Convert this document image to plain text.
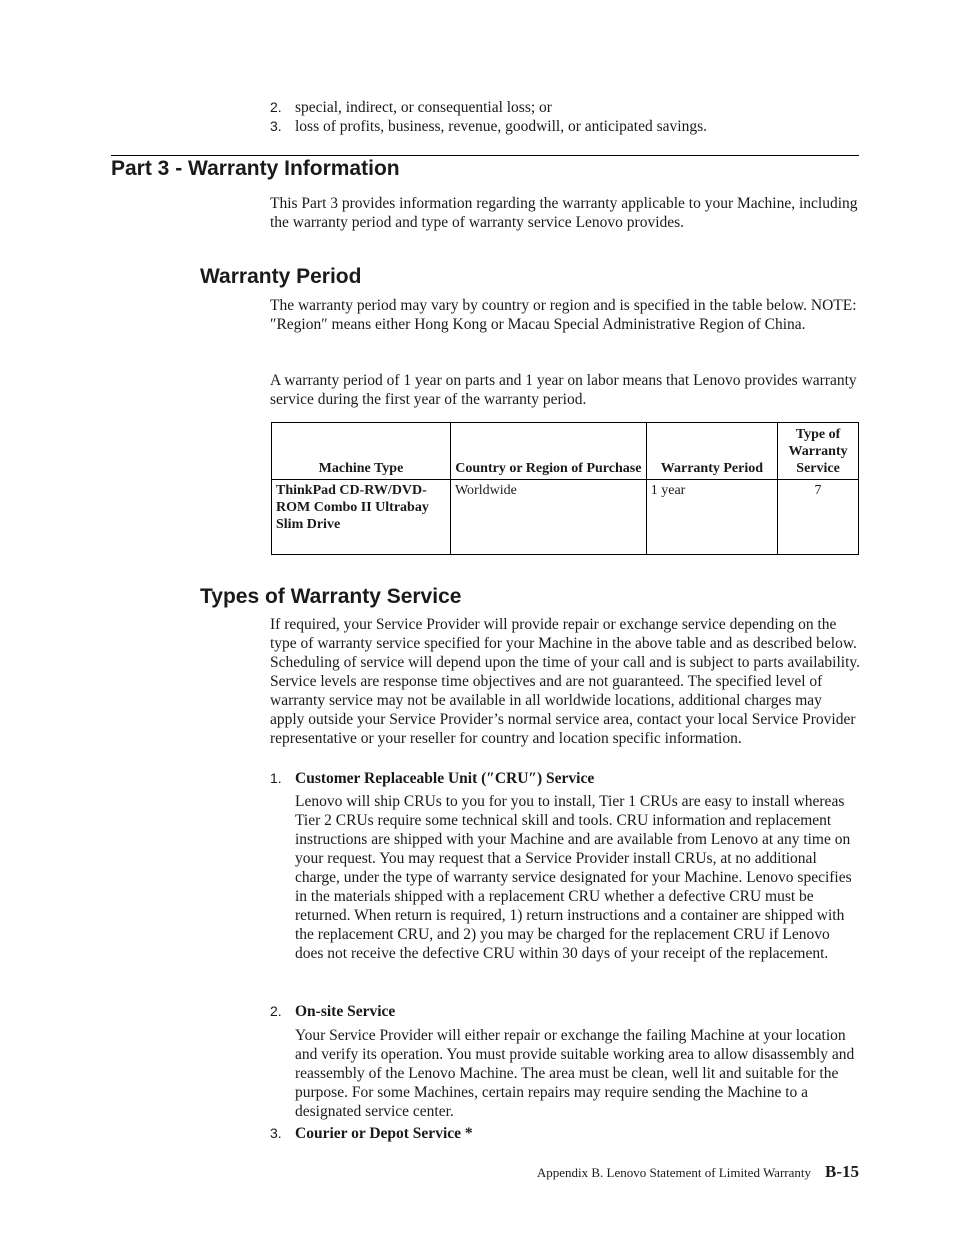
2. special, indirect, or consequential loss; or
3. loss of profits, business, revenue, goodwill, or anticipated savings.
Part 3 - Warranty Information
This Part 3 provides information regarding the warranty applicable to your Machine, including the warranty period and type of warranty service Lenovo provides.
Warranty Period
The warranty period may vary by country or region and is specified in the table below. NOTE: ″Region″ means either Hong Kong or Macau Special Administrative Region of China.
A warranty period of 1 year on parts and 1 year on labor means that Lenovo provides warranty service during the first year of the warranty period.
Machine Type	Country or Region of Purchase	Warranty Period	Type of Warranty Service
ThinkPad CD-RW/DVD-ROM Combo II Ultrabay Slim Drive	Worldwide	1 year	7
Types of Warranty Service
If required, your Service Provider will provide repair or exchange service depending on the type of warranty service specified for your Machine in the above table and as described below. Scheduling of service will depend upon the time of your call and is subject to parts availability. Service levels are response time objectives and are not guaranteed. The specified level of warranty service may not be available in all worldwide locations, additional charges may apply outside your Service Provider’s normal service area, contact your local Service Provider representative or your reseller for country and location specific information.
1. Customer Replaceable Unit (″CRU″) Service
Lenovo will ship CRUs to you for you to install, Tier 1 CRUs are easy to install whereas Tier 2 CRUs require some technical skill and tools. CRU information and replacement instructions are shipped with your Machine and are available from Lenovo at any time on your request. You may request that a Service Provider install CRUs, at no additional charge, under the type of warranty service designated for your Machine. Lenovo specifies in the materials shipped with a replacement CRU whether a defective CRU must be returned. When return is required, 1) return instructions and a container are shipped with the replacement CRU, and 2) you may be charged for the replacement CRU if Lenovo does not receive the defective CRU within 30 days of your receipt of the replacement.
2. On-site Service
Your Service Provider will either repair or exchange the failing Machine at your location and verify its operation. You must provide suitable working area to allow disassembly and reassembly of the Lenovo Machine. The area must be clean, well lit and suitable for the purpose. For some Machines, certain repairs may require sending the Machine to a designated service center.
3. Courier or Depot Service *
Appendix B. Lenovo Statement of Limited Warranty B-15
